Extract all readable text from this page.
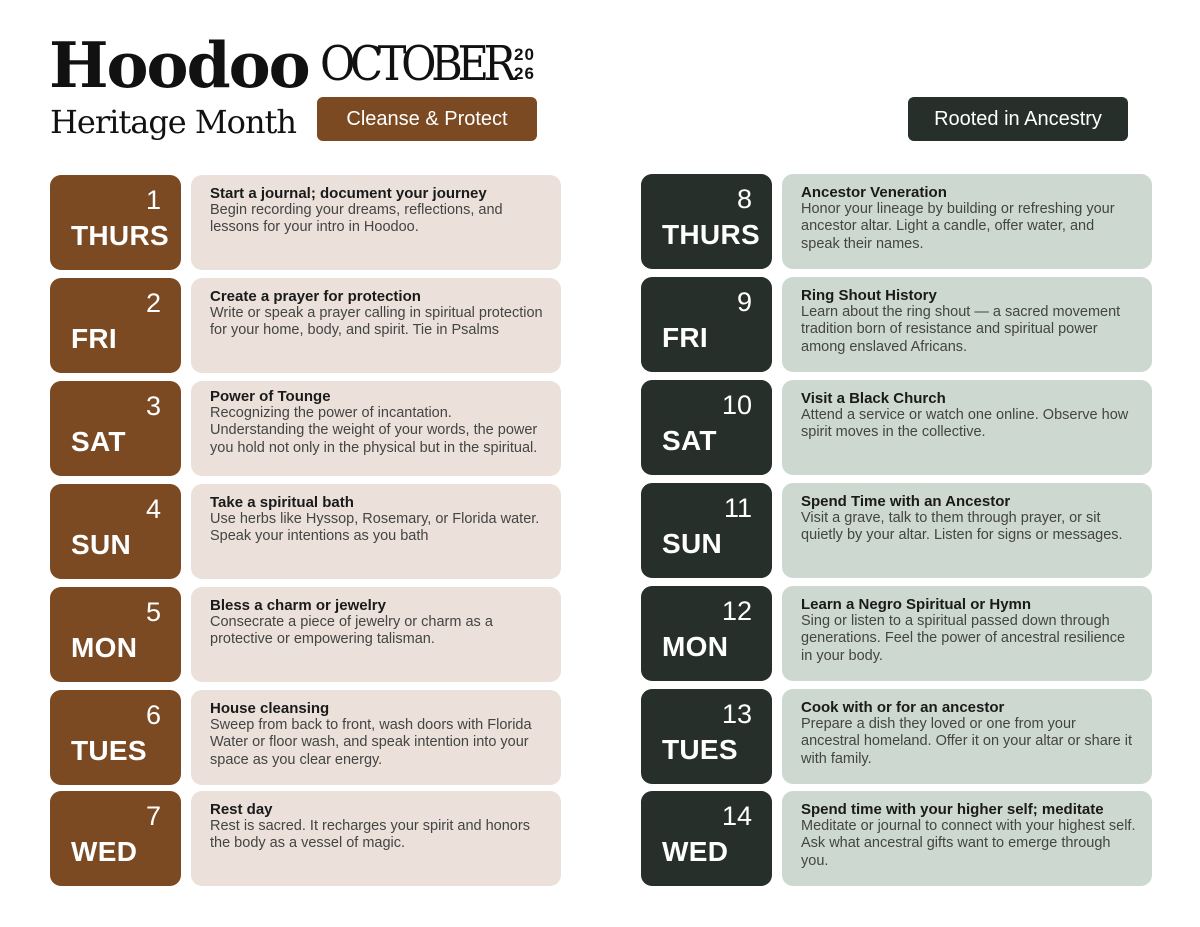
Hoodoo
Heritage Month
OCTOBER 20
26
Cleanse & Protect	Rooted in Ancestry
1
THURS
Start a journal; document your journey
Begin recording your dreams, reflections, and lessons for your intro in Hoodoo.
2
FRI
Create a prayer for protection
Write or speak a prayer calling in spiritual protection for your home, body, and spirit. Tie in Psalms
3
SAT
Power of Tounge
Recognizing the power of incantation. Understanding the weight of your words, the power you hold not only in the physical but in the spiritual.
4
SUN
Take a spiritual bath
Use herbs like Hyssop, Rosemary, or Florida water. Speak your intentions as you bath
5
MON
Bless a charm or jewelry
Consecrate a piece of jewelry or charm as a protective or empowering talisman.
6
TUES
House cleansing
Sweep from back to front, wash doors with Florida Water or floor wash, and speak intention into your space as you clear energy.
7
WED
Rest day
Rest is sacred. It recharges your spirit and honors the body as a vessel of magic.
8
THURS
Ancestor Veneration
Honor your lineage by building or refreshing your ancestor altar. Light a candle, offer water, and speak their names.
9
FRI
Ring Shout History
Learn about the ring shout — a sacred movement tradition born of resistance and spiritual power among enslaved Africans.
10
SAT
Visit a Black Church
Attend a service or watch one online. Observe how spirit moves in the collective.
11
SUN
Spend Time with an Ancestor
Visit a grave, talk to them through prayer, or sit quietly by your altar. Listen for signs or messages.
12
MON
Learn a Negro Spiritual or Hymn
Sing or listen to a spiritual passed down through generations. Feel the power of ancestral resilience in your body.
13
TUES
Cook with or for an ancestor
Prepare a dish they loved or one from your ancestral homeland. Offer it on your altar or share it with family.
14
WED
Spend time with your higher self; meditate
Meditate or journal to connect with your highest self. Ask what ancestral gifts want to emerge through you.
